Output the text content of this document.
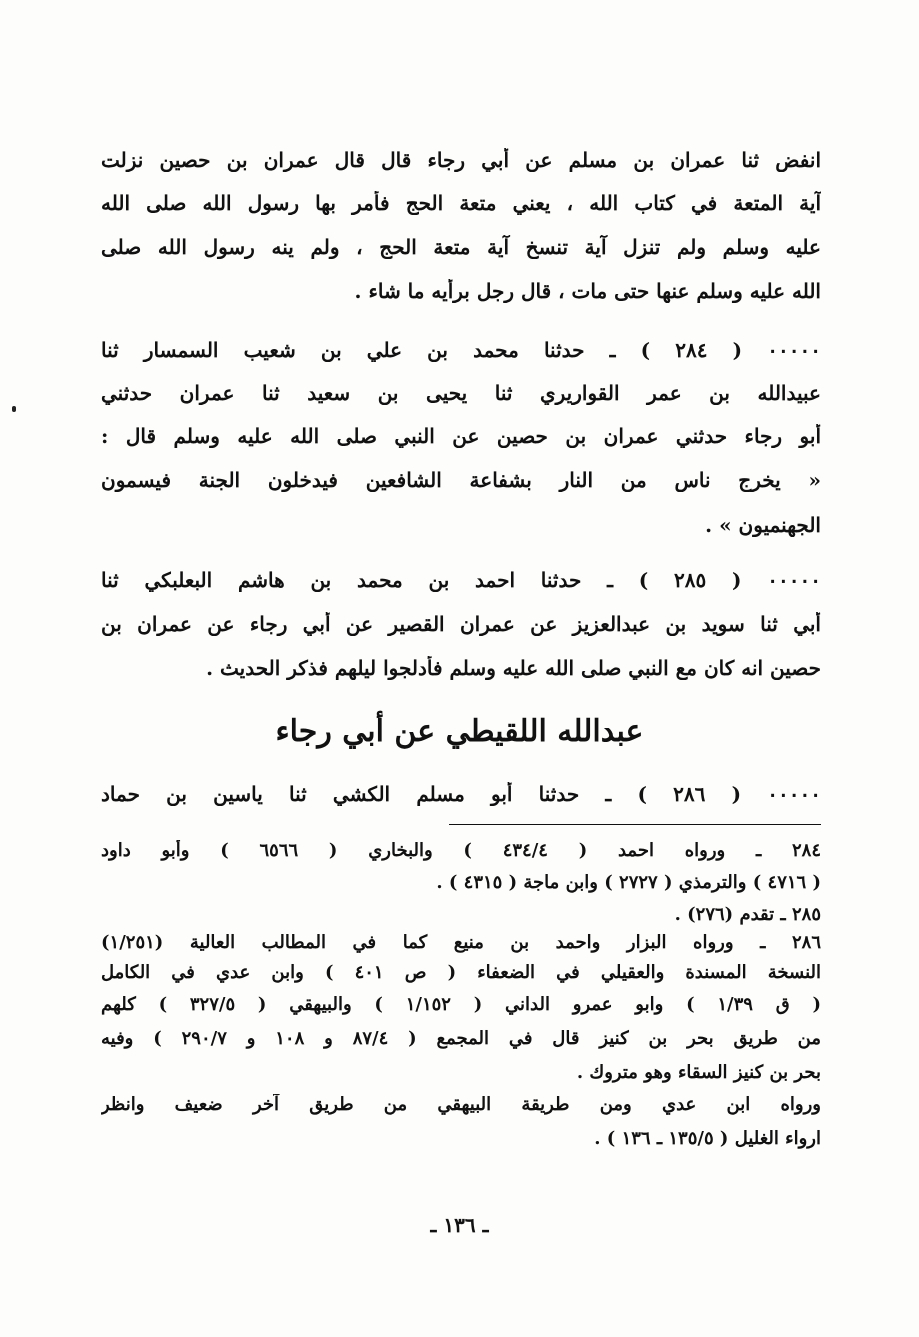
انفض ثنا عمران بن مسلم عن أبي رجاء قال قال عمران بن حصين نزلت
آية المتعة في كتاب الله ، يعني متعة الحج فأمر بها رسول الله صلى الله
عليه وسلم ولم تنزل آية تنسخ آية متعة الحج ، ولم ينه رسول الله صلى
الله عليه وسلم عنها حتى مات ، قال رجل برأيه ما شاء .
٠٠٠٠٠ ( ٢٨٤ ) ـ حدثنا محمد بن علي بن شعيب السمسار ثنا
عبيدالله بن عمر القواريري ثنا يحيى بن سعيد ثنا عمران حدثني
أبو رجاء حدثني عمران بن حصين عن النبي صلى الله عليه وسلم قال :
« يخرج ناس من النار بشفاعة الشافعين فيدخلون الجنة فيسمون
الجهنميون » .
٠٠٠٠٠ ( ٢٨٥ ) ـ حدثنا احمد بن محمد بن هاشم البعلبكي ثنا
أبي ثنا سويد بن عبدالعزيز عن عمران القصير عن أبي رجاء عن عمران بن
حصين انه كان مع النبي صلى الله عليه وسلم فأدلجوا ليلهم فذكر الحديث .
عبدالله اللقيطي عن أبي رجاء
٠٠٠٠٠ ( ٢٨٦ ) ـ حدثنا أبو مسلم الكشي ثنا ياسين بن حماد
٢٨٤ ـ ورواه احمد ( ٤٣٤/٤ ) والبخاري ( ٦٥٦٦ ) وأبو داود
( ٤٧١٦ ) والترمذي ( ٢٧٢٧ ) وابن ماجة ( ٤٣١٥ ) .
٢٨٥ ـ تقدم (٢٧٦) .
٢٨٦ ـ ورواه البزار واحمد بن منيع كما في المطالب العالية (١/٢٥١)
النسخة المسندة والعقيلي في الضعفاء ( ص ٤٠١ ) وابن عدي في الكامل
( ق ١/٣٩ ) وابو عمرو الداني ( ١/١٥٢ ) والبيهقي ( ٣٢٧/٥ ) كلهم
من طريق بحر بن كنيز قال في المجمع ( ٨٧/٤ و ١٠٨ و ٢٩٠/٧ ) وفيه
بحر بن كنيز السقاء وهو متروك .
ورواه ابن عدي ومن طريقة البيهقي من طريق آخر ضعيف وانظر
ارواء الغليل ( ١٣٥/٥ ـ ١٣٦ ) .
ـ ١٣٦ ـ
